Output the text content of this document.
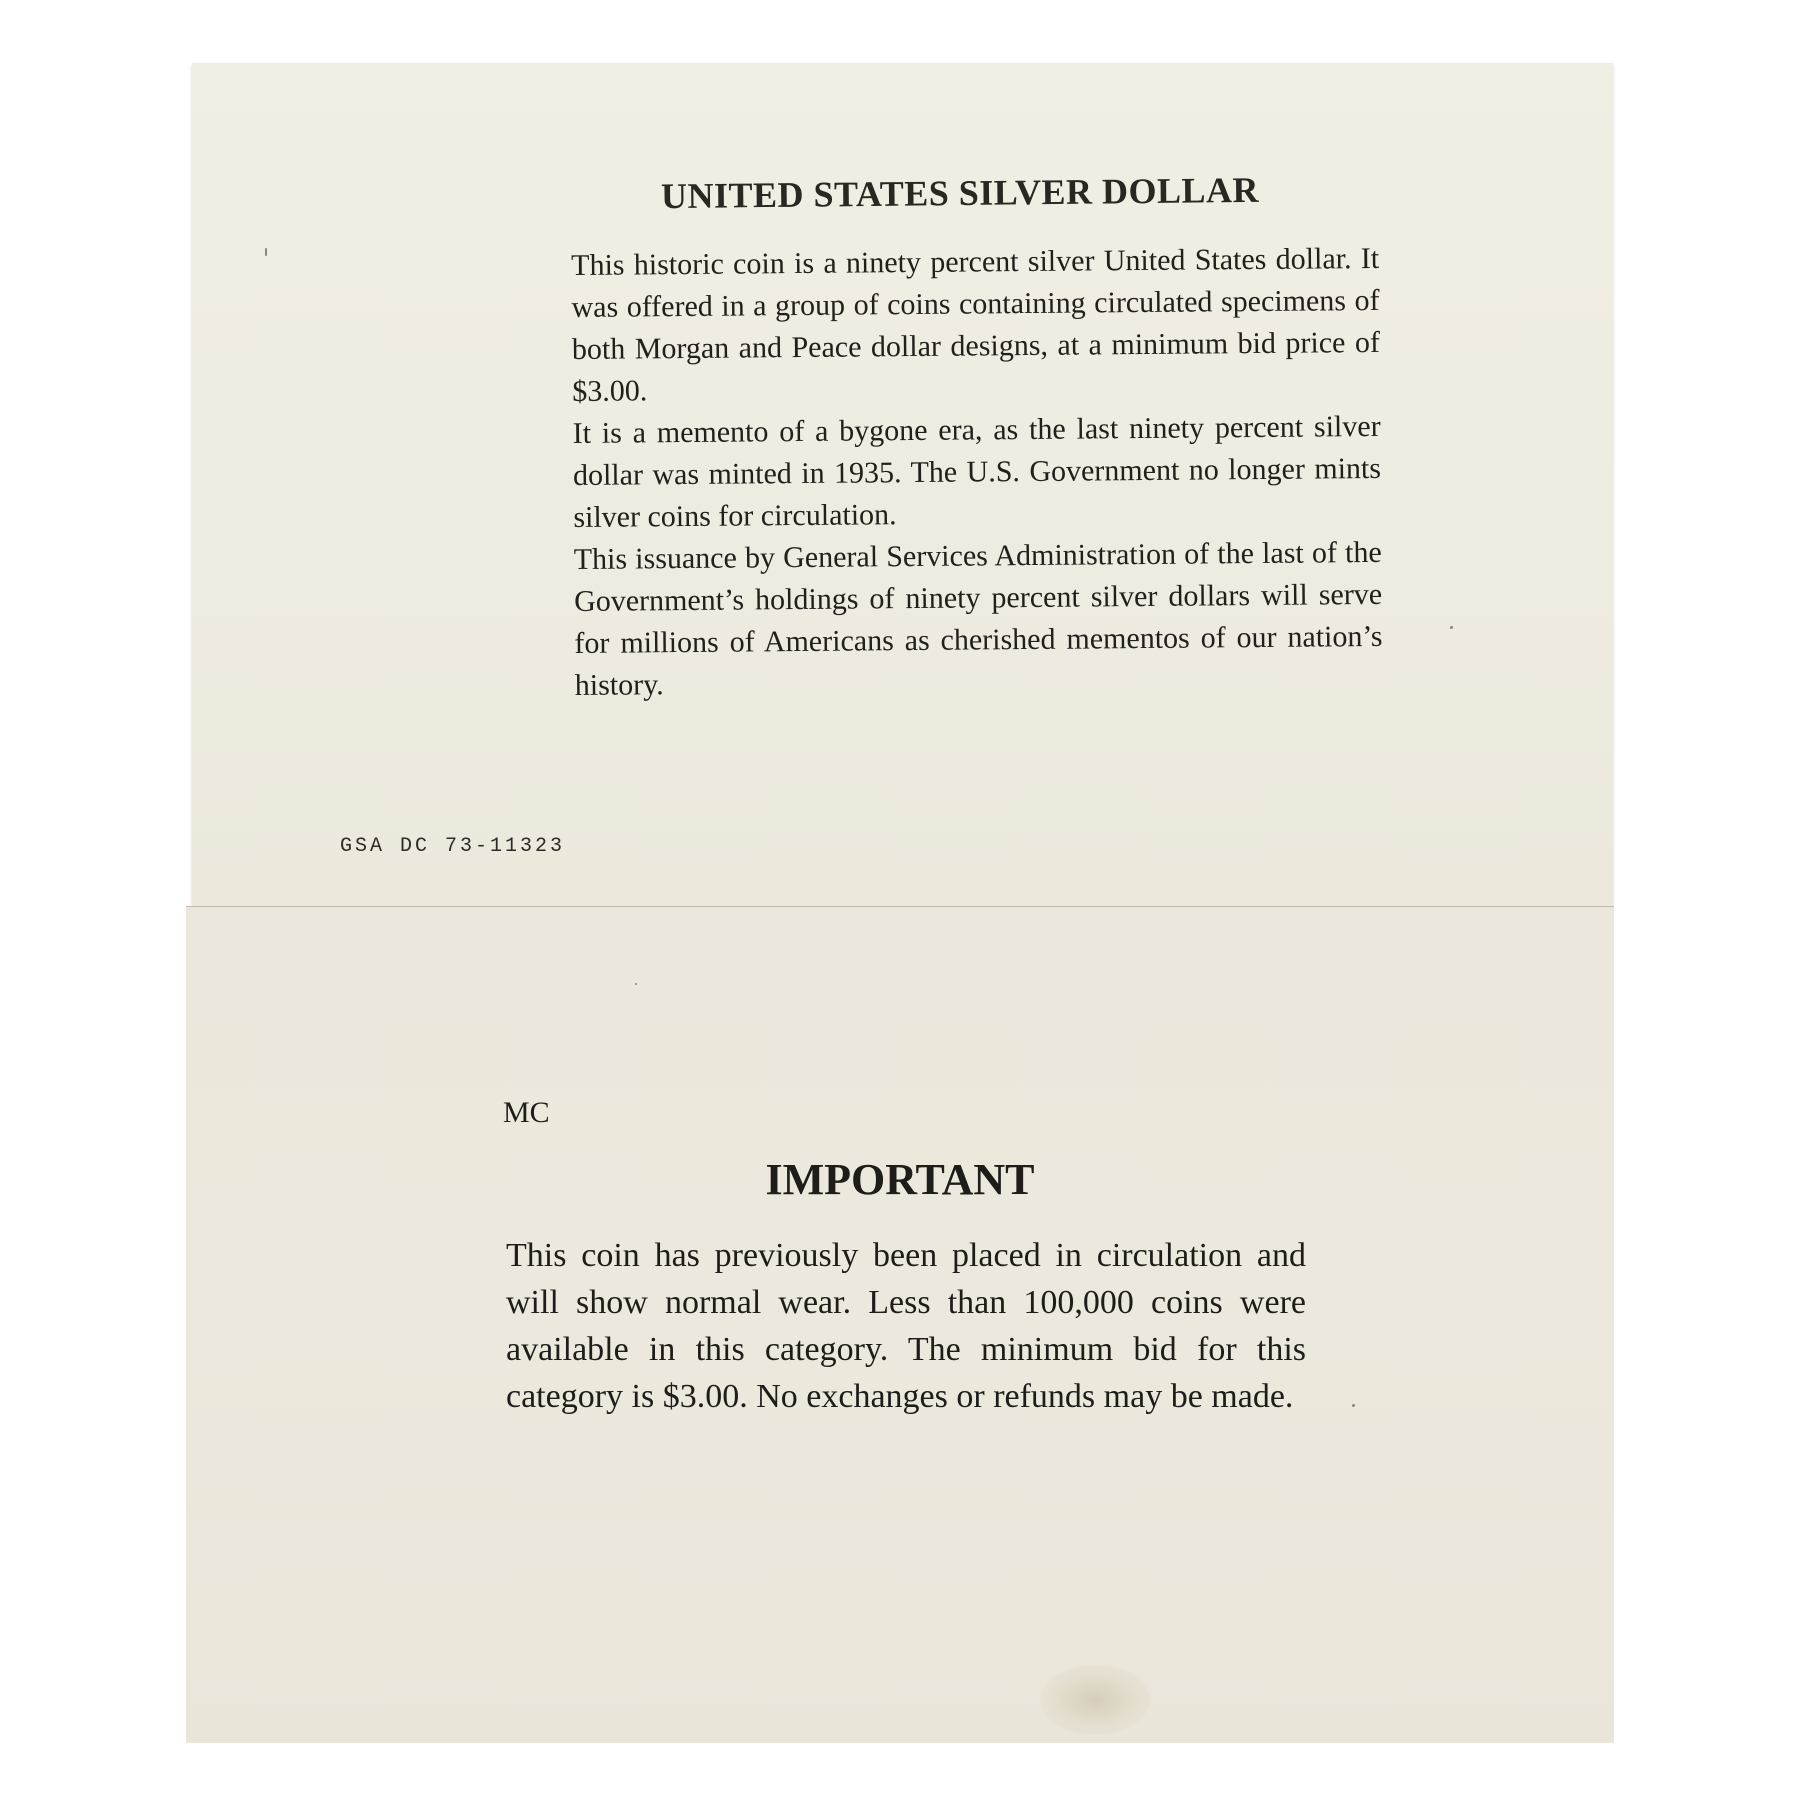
UNITED STATES SILVER DOLLAR

This historic coin is a ninety percent silver United States dollar. It was offered in a group of coins containing circulated specimens of both Morgan and Peace dollar designs, at a minimum bid price of $3.00.

It is a memento of a bygone era, as the last ninety percent silver dollar was minted in 1935. The U.S. Government no longer mints silver coins for circulation.

This issuance by General Services Administration of the last of the Government’s holdings of ninety percent silver dollars will serve for millions of Americans as cherished mementos of our nation’s history.

GSA DC 73-11323
MC
IMPORTANT

This coin has previously been placed in circulation and will show normal wear. Less than 100,000 coins were available in this category. The minimum bid for this category is $3.00. No exchanges or refunds may be made.
